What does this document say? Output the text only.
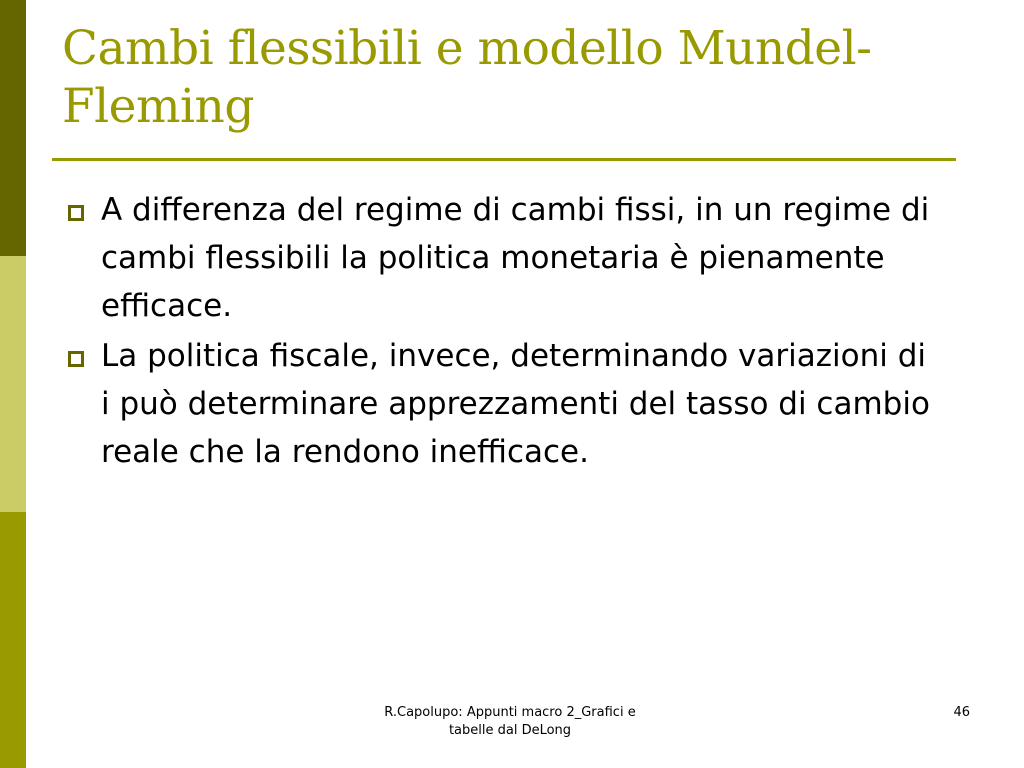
Cambi flessibili e modello Mundel-Fleming
A differenza del regime di cambi fissi, in un regime di cambi flessibili la politica monetaria è pienamente efficace.
La politica fiscale, invece, determinando variazioni di i può determinare apprezzamenti del tasso di cambio reale che la rendono inefficace.
R.Capolupo: Appunti macro 2_Grafici e
tabelle dal DeLong
46
